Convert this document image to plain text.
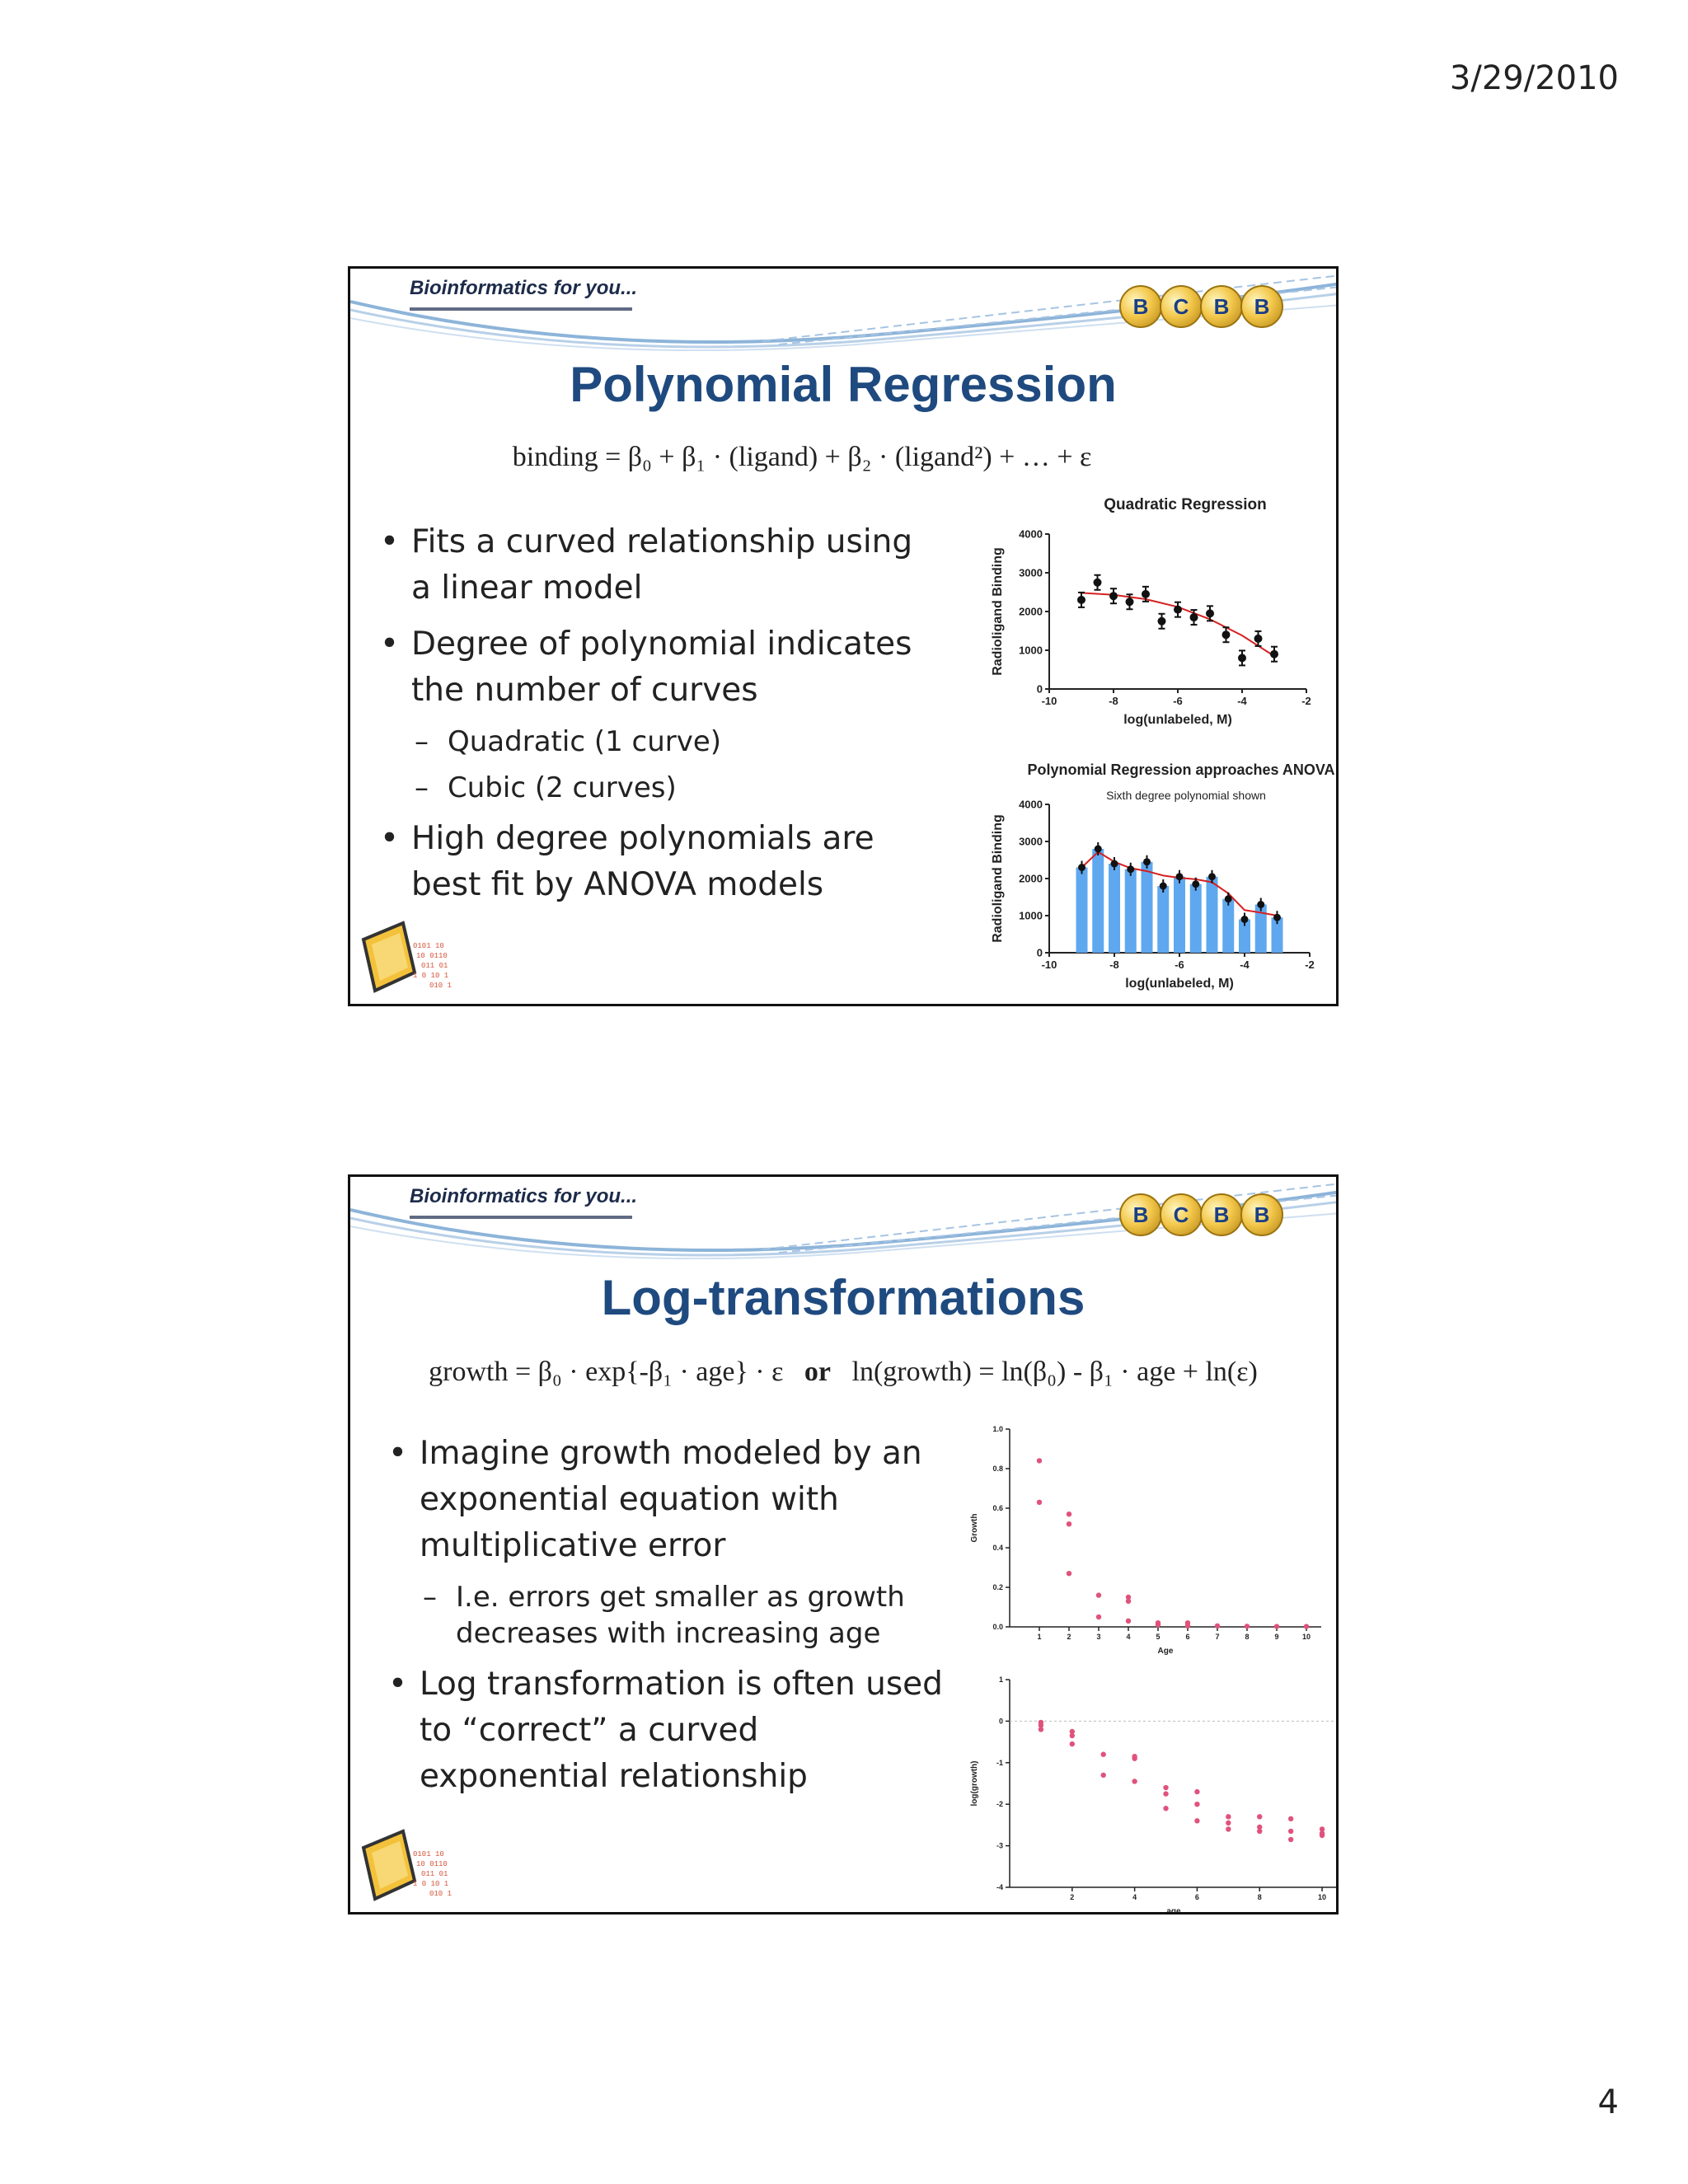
3/29/2010
Bioinformatics for you...
B C B B
Polynomial Regression
binding = β₀ + β₁ · (ligand) + β₂ · (ligand²) + … + ε
• Fits a curved relationship using a linear model
• Degree of polynomial indicates the number of curves
– Quadratic (1 curve)
– Cubic (2 curves)
• High degree polynomials are best fit by ANOVA models
Quadratic Regression
0
1000
2000
3000
4000
-10	-8	-6	-4	-2
log(unlabeled, M)
Radioligand Binding
Polynomial Regression approaches ANOVA
Sixth degree polynomial shown
0
1000
2000
3000
4000
-10	-8	-6	-4	-2
log(unlabeled, M)
Radioligand Binding
0101 10
10 0110
011 01
1 0 10 1
010 1
Bioinformatics for you...
B C B B
Log-transformations
growth = β₀ · exp{-β₁ · age} · ε or ln(growth) = ln(β₀) - β₁ · age + ln(ε)
• Imagine growth modeled by an exponential equation with multiplicative error
– I.e. errors get smaller as growth decreases with increasing age
• Log transformation is often used to “correct” a curved exponential relationship
0.0
0.2
0.4
0.6
0.8
1.0
1	2	3	4	5	6	7	8	9	10
Age
Growth
-4
-3
-2
-1
0
1
2	4	6	8	10
age
log(growth)
0101 10
10 0110
011 01
1 0 10 1
010 1
4
